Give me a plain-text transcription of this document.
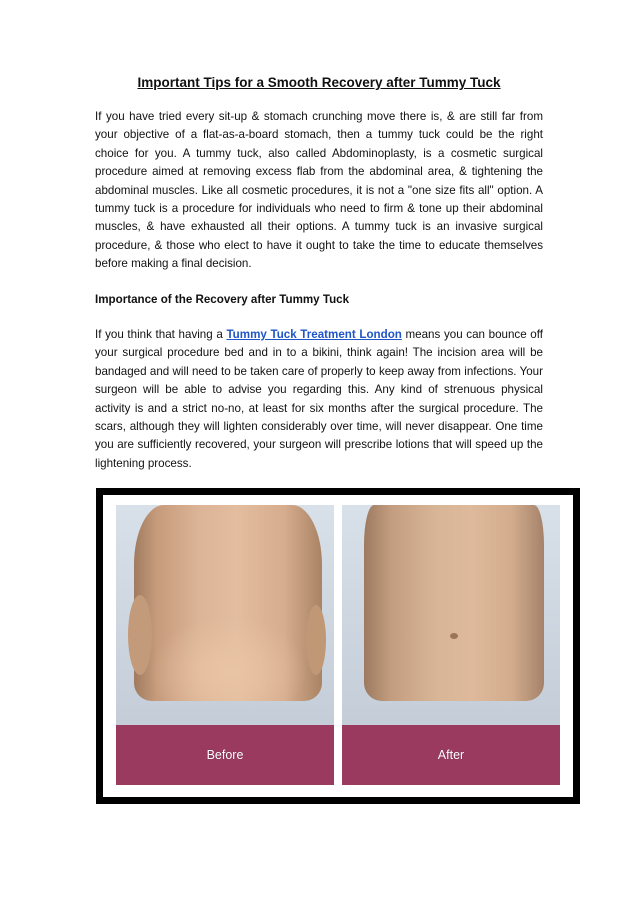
Important Tips for a Smooth Recovery after Tummy Tuck

If you have tried every sit-up & stomach crunching move there is, & are still far from your objective of a flat-as-a-board stomach, then a tummy tuck could be the right choice for you. A tummy tuck, also called Abdominoplasty, is a cosmetic surgical procedure aimed at removing excess flab from the abdominal area, & tightening the abdominal muscles. Like all cosmetic procedures, it is not a "one size fits all" option. A tummy tuck is a procedure for individuals who need to firm & tone up their abdominal muscles, & have exhausted all their options. A tummy tuck is an invasive surgical procedure, & those who elect to have it ought to take the time to educate themselves before making a final decision.

Importance of the Recovery after Tummy Tuck

If you think that having a Tummy Tuck Treatment London means you can bounce off your surgical procedure bed and in to a bikini, think again! The incision area will be bandaged and will need to be taken care of properly to keep away from infections. Your surgeon will be able to advise you regarding this. Any kind of strenuous physical activity is and a strict no-no, at least for six months after the surgical procedure. The scars, although they will lighten considerably over time, will never disappear. One time you are sufficiently recovered, your surgeon will prescribe lotions that will speed up the lightening process.

Before	After
